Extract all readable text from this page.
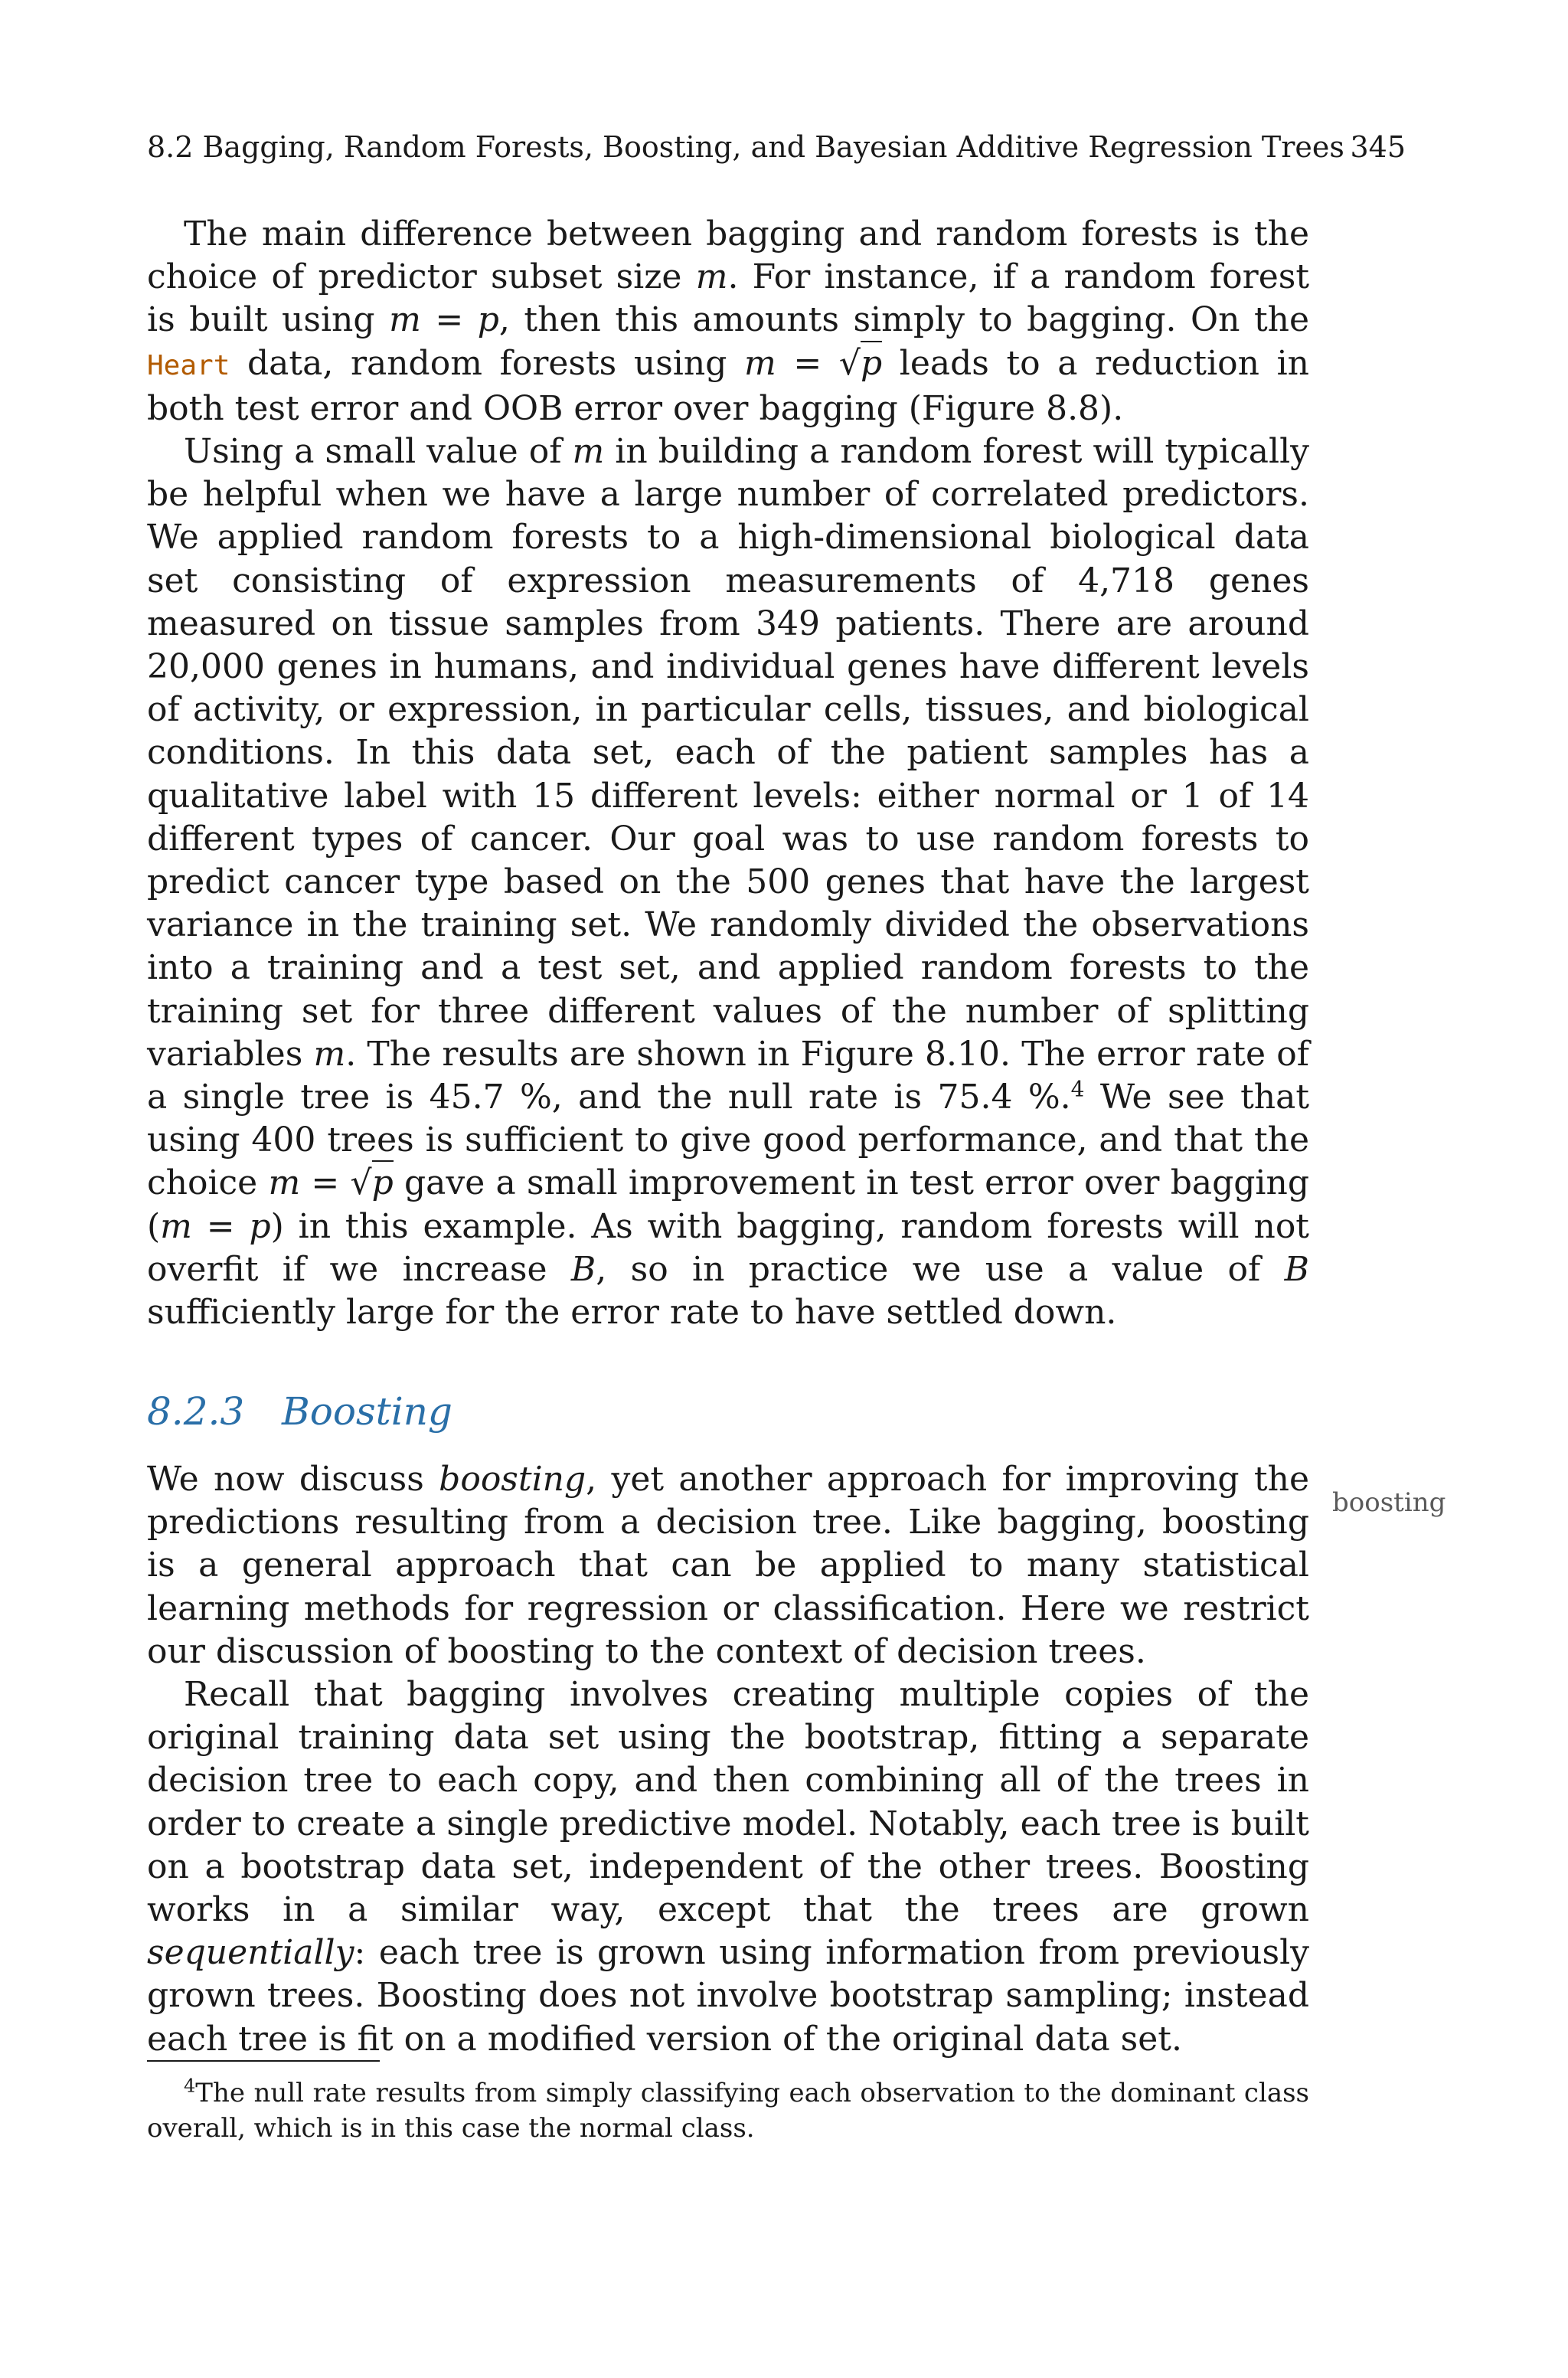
8.2 Bagging, Random Forests, Boosting, and Bayesian Additive Regression Trees 345

The main difference between bagging and random forests is the choice of predictor subset size m. For instance, if a random forest is built using m = p, then this amounts simply to bagging. On the Heart data, random forests using m = √p leads to a reduction in both test error and OOB error over bagging (Figure 8.8).

Using a small value of m in building a random forest will typically be helpful when we have a large number of correlated predictors. We applied random forests to a high-dimensional biological data set consisting of expression measurements of 4,718 genes measured on tissue samples from 349 patients. There are around 20,000 genes in humans, and individual genes have different levels of activity, or expression, in particular cells, tissues, and biological conditions. In this data set, each of the patient samples has a qualitative label with 15 different levels: either normal or 1 of 14 different types of cancer. Our goal was to use random forests to predict cancer type based on the 500 genes that have the largest variance in the training set. We randomly divided the observations into a training and a test set, and applied random forests to the training set for three different values of the number of splitting variables m. The results are shown in Figure 8.10. The error rate of a single tree is 45.7 %, and the null rate is 75.4 %.$^4$ We see that using 400 trees is sufficient to give good performance, and that the choice m = √p gave a small improvement in test error over bagging (m = p) in this example. As with bagging, random forests will not overfit if we increase B, so in practice we use a value of B sufficiently large for the error rate to have settled down.

8.2.3 Boosting
boosting

We now discuss boosting, yet another approach for improving the predictions resulting from a decision tree. Like bagging, boosting is a general approach that can be applied to many statistical learning methods for regression or classification. Here we restrict our discussion of boosting to the context of decision trees.

Recall that bagging involves creating multiple copies of the original training data set using the bootstrap, fitting a separate decision tree to each copy, and then combining all of the trees in order to create a single predictive model. Notably, each tree is built on a bootstrap data set, independent of the other trees. Boosting works in a similar way, except that the trees are grown sequentially: each tree is grown using information from previously grown trees. Boosting does not involve bootstrap sampling; instead each tree is fit on a modified version of the original data set.

$^4$The null rate results from simply classifying each observation to the dominant class overall, which is in this case the normal class.
